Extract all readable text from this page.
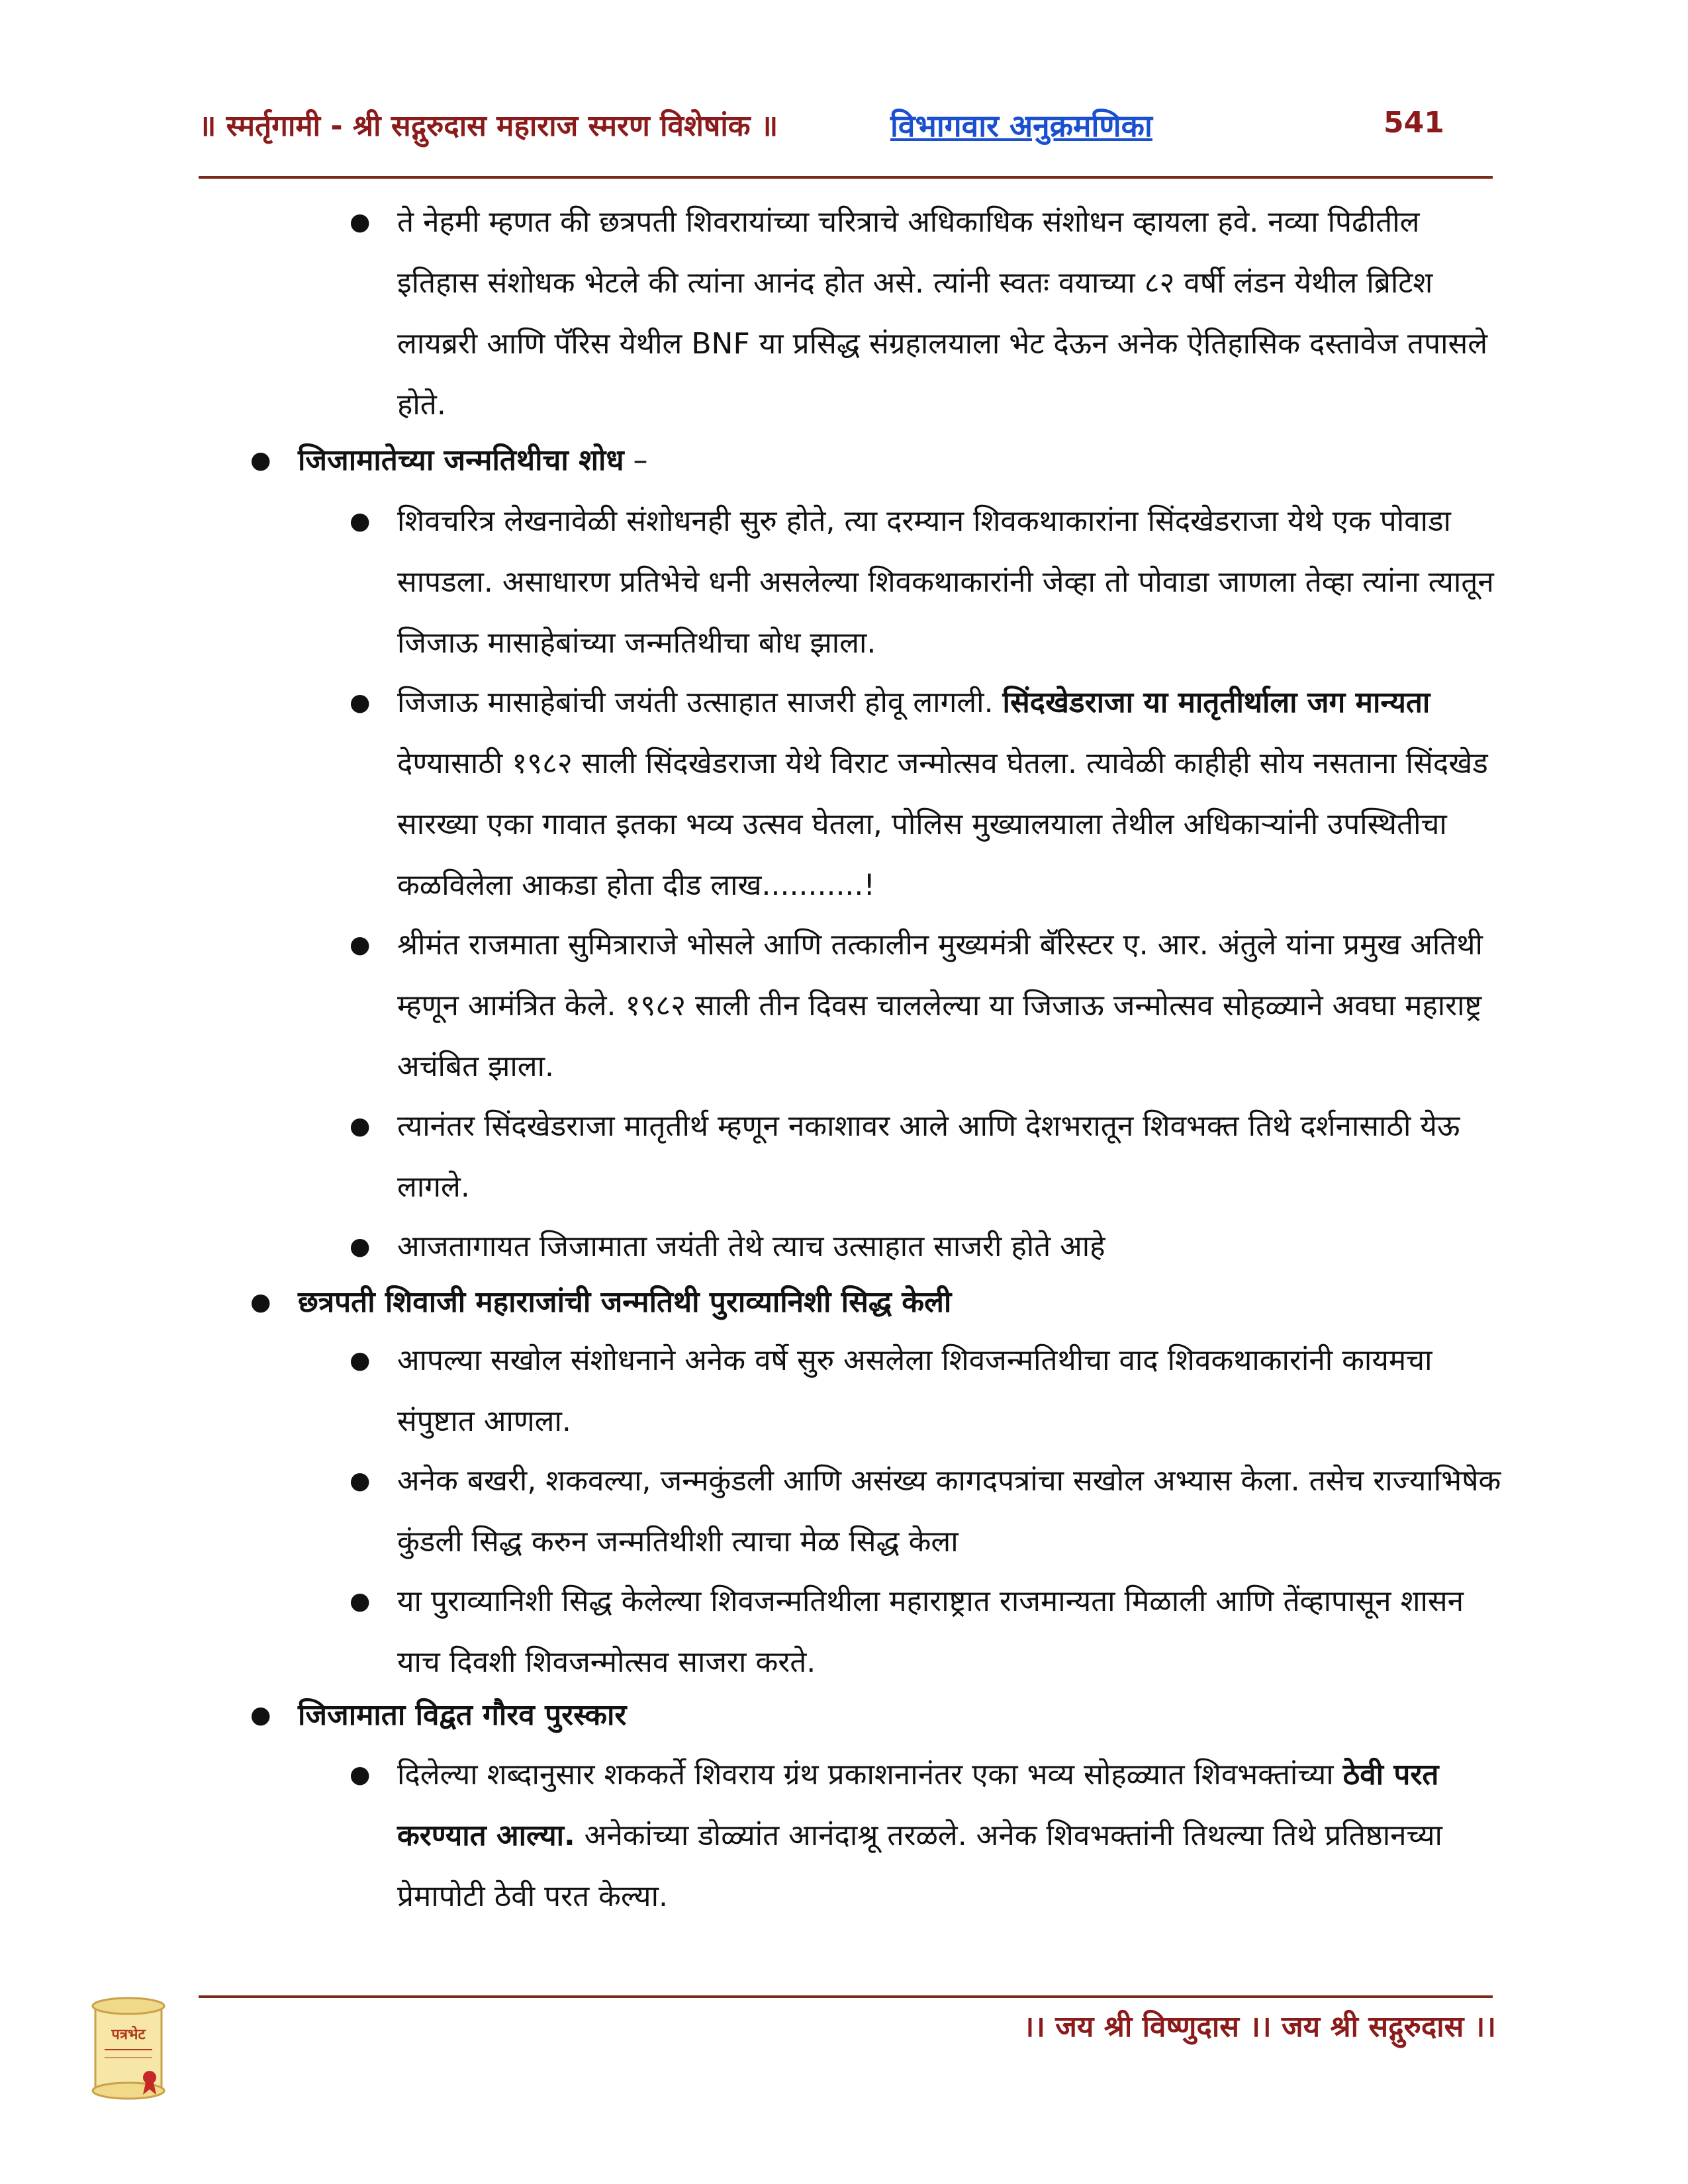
॥ स्मर्तृगामी - श्री सद्गुरुदास महाराज स्मरण विशेषांक ॥	विभागवार अनुक्रमणिका	541
● ते नेहमी म्हणत की छत्रपती शिवरायांच्या चरित्राचे अधिकाधिक संशोधन व्हायला हवे. नव्या पिढीतील इतिहास संशोधक भेटले की त्यांना आनंद होत असे. त्यांनी स्वतः वयाच्या ८२ वर्षी लंडन येथील ब्रिटिश लायब्ररी आणि पॅरिस येथील BNF या प्रसिद्ध संग्रहालयाला भेट देऊन अनेक ऐतिहासिक दस्तावेज तपासले होते.
● जिजामातेच्या जन्मतिथीचा शोध –
● शिवचरित्र लेखनावेळी संशोधनही सुरु होते, त्या दरम्यान शिवकथाकारांना सिंदखेडराजा येथे एक पोवाडा सापडला. असाधारण प्रतिभेचे धनी असलेल्या शिवकथाकारांनी जेव्हा तो पोवाडा जाणला तेव्हा त्यांना त्यातून जिजाऊ मासाहेबांच्या जन्मतिथीचा बोध झाला.
● जिजाऊ मासाहेबांची जयंती उत्साहात साजरी होवू लागली. सिंदखेडराजा या मातृतीर्थाला जग मान्यता देण्यासाठी १९८२ साली सिंदखेडराजा येथे विराट जन्मोत्सव घेतला. त्यावेळी काहीही सोय नसताना सिंदखेड सारख्या एका गावात इतका भव्य उत्सव घेतला, पोलिस मुख्यालयाला तेथील अधिकाऱ्यांनी उपस्थितीचा कळविलेला आकडा होता दीड लाख...........!
● श्रीमंत राजमाता सुमित्राराजे भोसले आणि तत्कालीन मुख्यमंत्री बॅरिस्टर ए. आर. अंतुले यांना प्रमुख अतिथी म्हणून आमंत्रित केले. १९८२ साली तीन दिवस चाललेल्या या जिजाऊ जन्मोत्सव सोहळ्याने अवघा महाराष्ट्र अचंबित झाला.
● त्यानंतर सिंदखेडराजा मातृतीर्थ म्हणून नकाशावर आले आणि देशभरातून शिवभक्त तिथे दर्शनासाठी येऊ लागले.
● आजतागायत जिजामाता जयंती तेथे त्याच उत्साहात साजरी होते आहे
● छत्रपती शिवाजी महाराजांची जन्मतिथी पुराव्यानिशी सिद्ध केली
● आपल्या सखोल संशोधनाने अनेक वर्षे सुरु असलेला शिवजन्मतिथीचा वाद शिवकथाकारांनी कायमचा संपुष्टात आणला.
● अनेक बखरी, शकवल्या, जन्मकुंडली आणि असंख्य कागदपत्रांचा सखोल अभ्यास केला. तसेच राज्याभिषेक कुंडली सिद्ध करुन जन्मतिथीशी त्याचा मेळ सिद्ध केला
● या पुराव्यानिशी सिद्ध केलेल्या शिवजन्मतिथीला महाराष्ट्रात राजमान्यता मिळाली आणि तेंव्हापासून शासन याच दिवशी शिवजन्मोत्सव साजरा करते.
● जिजामाता विद्वत गौरव पुरस्कार
● दिलेल्या शब्दानुसार शककर्ते शिवराय ग्रंथ प्रकाशनानंतर एका भव्य सोहळ्यात शिवभक्तांच्या ठेवी परत करण्यात आल्या. अनेकांच्या डोळ्यांत आनंदाश्रू तरळले. अनेक शिवभक्तांनी तिथल्या तिथे प्रतिष्ठानच्या प्रेमापोटी ठेवी परत केल्या.
पत्रभेट	।। जय श्री विष्णुदास ।। जय श्री सद्गुरुदास ।।
